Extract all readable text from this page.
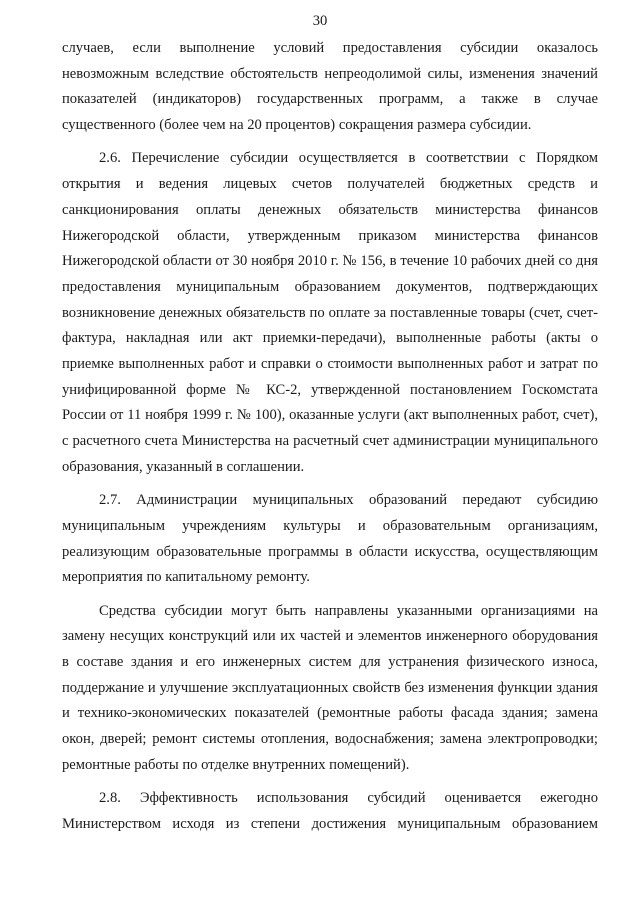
30

случаев, если выполнение условий предоставления субсидии оказалось невозможным вследствие обстоятельств непреодолимой силы, изменения значений показателей (индикаторов) государственных программ, а также в случае существенного (более чем на 20 процентов) сокращения размера субсидии.

2.6. Перечисление субсидии осуществляется в соответствии с Порядком открытия и ведения лицевых счетов получателей бюджетных средств и санкционирования оплаты денежных обязательств министерства финансов Нижегородской области, утвержденным приказом министерства финансов Нижегородской области от 30 ноября 2010 г. № 156, в течение 10 рабочих дней со дня предоставления муниципальным образованием документов, подтверждающих возникновение денежных обязательств по оплате за поставленные товары (счет, счет-фактура, накладная или акт приемки-передачи), выполненные работы (акты о приемке выполненных работ и справки о стоимости выполненных работ и затрат по унифицированной форме № КС-2, утвержденной постановлением Госкомстата России от 11 ноября 1999 г. № 100), оказанные услуги (акт выполненных работ, счет), с расчетного счета Министерства на расчетный счет администрации муниципального образования, указанный в соглашении.

2.7. Администрации муниципальных образований передают субсидию муниципальным учреждениям культуры и образовательным организациям, реализующим образовательные программы в области искусства, осуществляющим мероприятия по капитальному ремонту.

Средства субсидии могут быть направлены указанными организациями на замену несущих конструкций или их частей и элементов инженерного оборудования в составе здания и его инженерных систем для устранения физического износа, поддержание и улучшение эксплуатационных свойств без изменения функции здания и технико-экономических показателей (ремонтные работы фасада здания; замена окон, дверей; ремонт системы отопления, водоснабжения; замена электропроводки; ремонтные работы по отделке внутренних помещений).

2.8. Эффективность использования субсидий оценивается ежегодно Министерством исходя из степени достижения муниципальным образованием
